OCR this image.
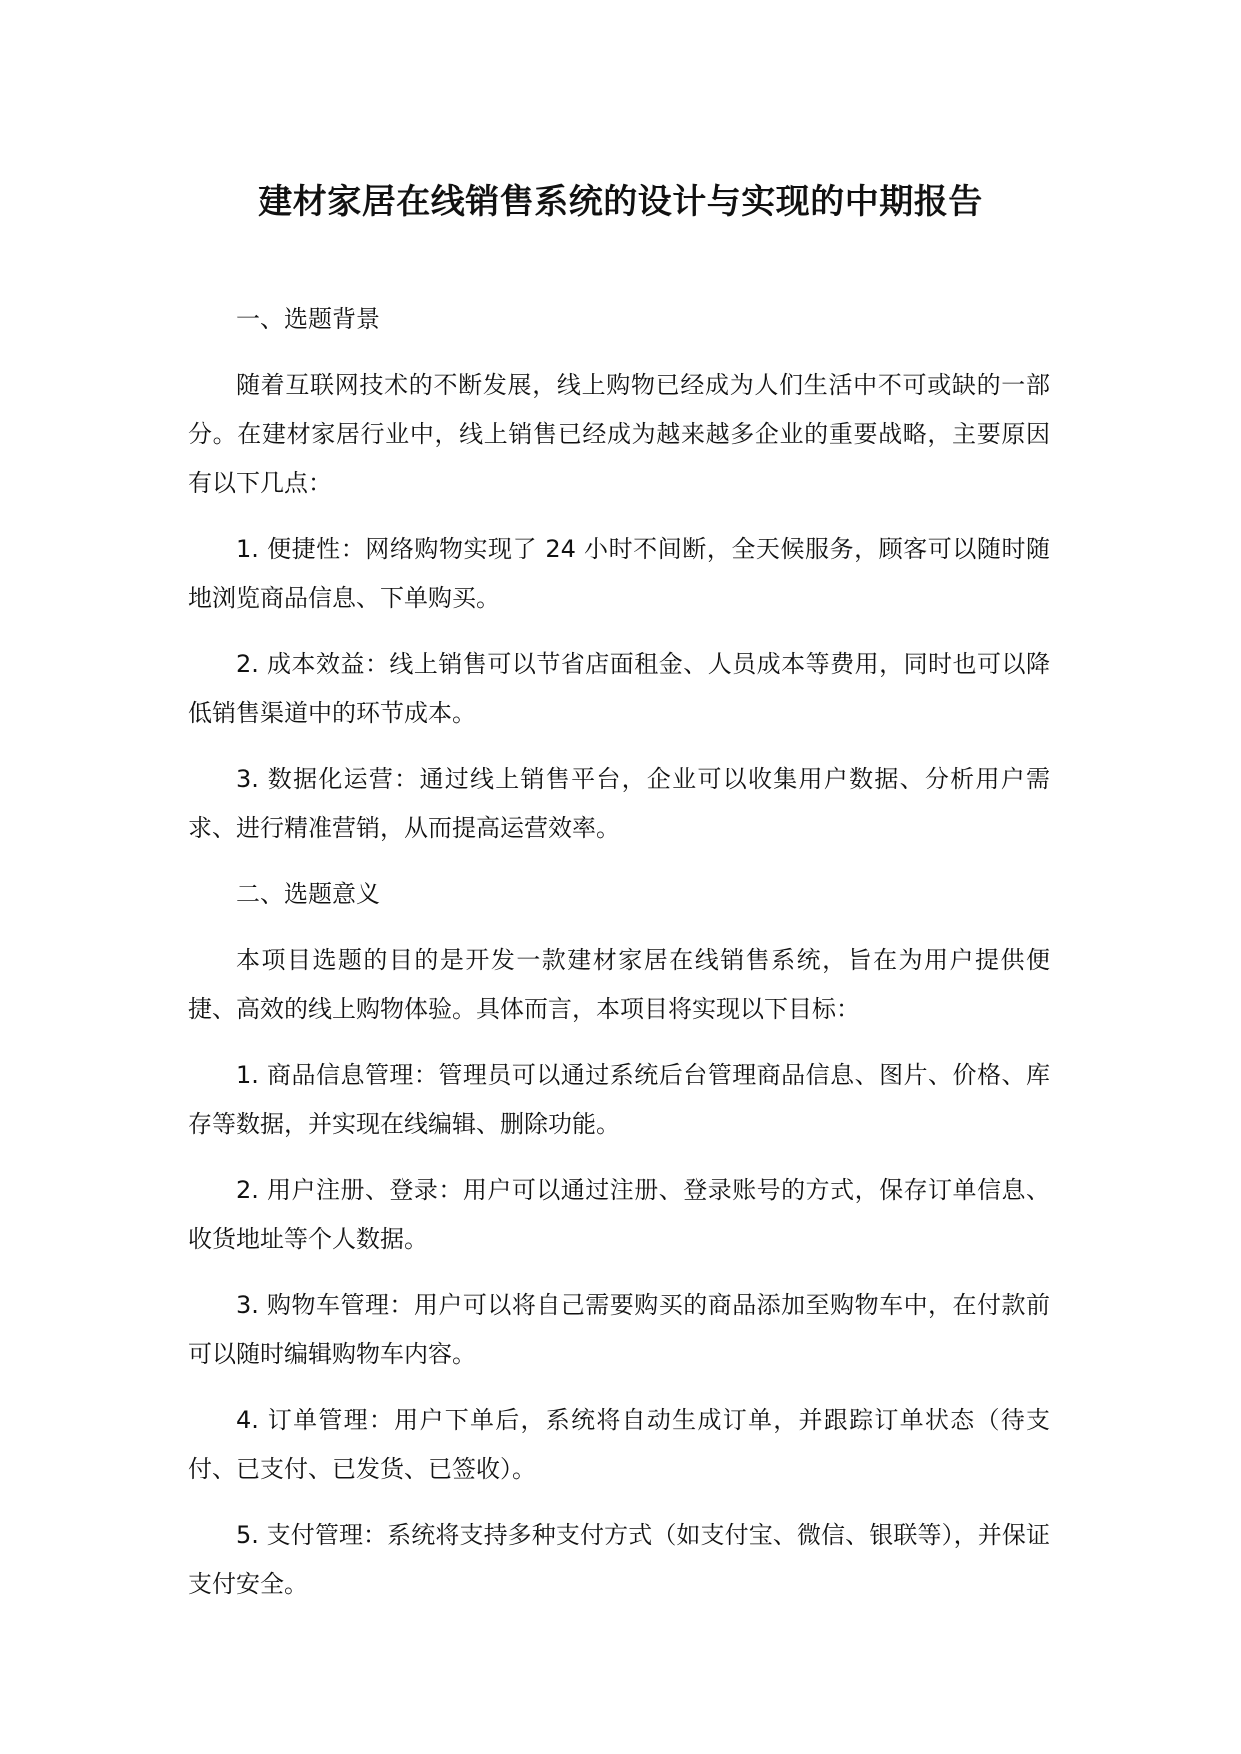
建材家居在线销售系统的设计与实现的中期报告

一、选题背景

随着互联网技术的不断发展，线上购物已经成为人们生活中不可或缺的一部分。在建材家居行业中，线上销售已经成为越来越多企业的重要战略，主要原因有以下几点：

1. 便捷性：网络购物实现了 24 小时不间断，全天候服务，顾客可以随时随地浏览商品信息、下单购买。

2. 成本效益：线上销售可以节省店面租金、人员成本等费用，同时也可以降低销售渠道中的环节成本。

3. 数据化运营：通过线上销售平台，企业可以收集用户数据、分析用户需求、进行精准营销，从而提高运营效率。

二、选题意义

本项目选题的目的是开发一款建材家居在线销售系统，旨在为用户提供便捷、高效的线上购物体验。具体而言，本项目将实现以下目标：

1. 商品信息管理：管理员可以通过系统后台管理商品信息、图片、价格、库存等数据，并实现在线编辑、删除功能。

2. 用户注册、登录：用户可以通过注册、登录账号的方式，保存订单信息、收货地址等个人数据。

3. 购物车管理：用户可以将自己需要购买的商品添加至购物车中，在付款前可以随时编辑购物车内容。

4. 订单管理：用户下单后，系统将自动生成订单，并跟踪订单状态（待支付、已支付、已发货、已签收）。

5. 支付管理：系统将支持多种支付方式（如支付宝、微信、银联等），并保证支付安全。
